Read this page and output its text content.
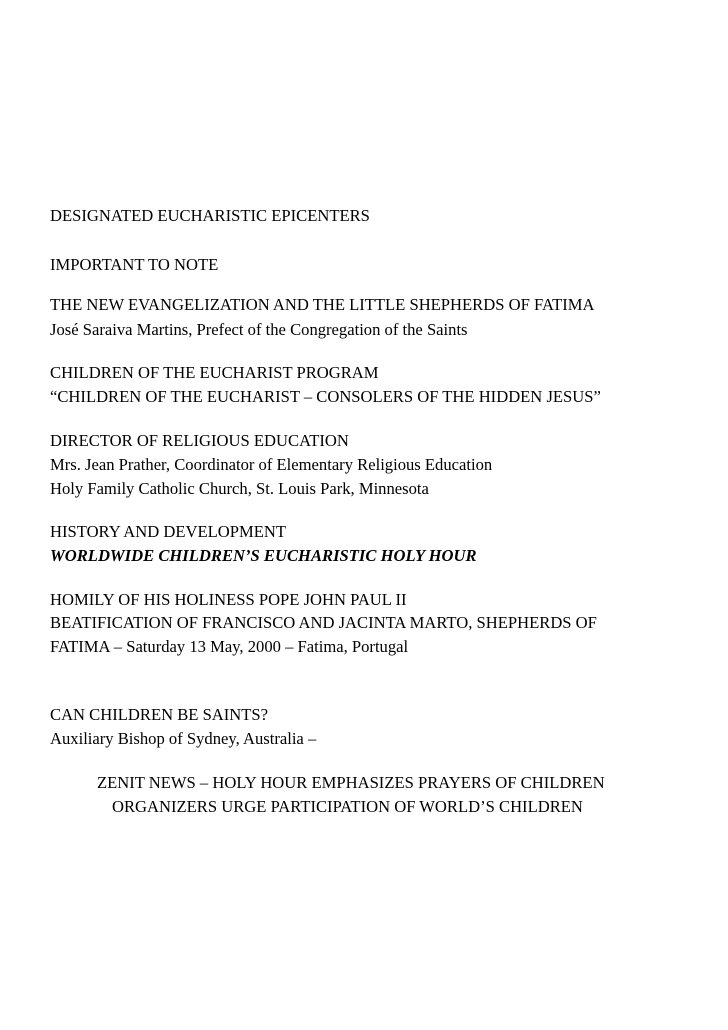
DESIGNATED EUCHARISTIC EPICENTERS
IMPORTANT TO NOTE
THE NEW EVANGELIZATION AND THE LITTLE SHEPHERDS OF FATIMA
José Saraiva Martins, Prefect of the Congregation of the Saints
CHILDREN OF THE EUCHARIST PROGRAM
“CHILDREN OF THE EUCHARIST – CONSOLERS OF THE HIDDEN JESUS”
DIRECTOR OF RELIGIOUS EDUCATION
Mrs. Jean Prather, Coordinator of Elementary Religious Education
Holy Family Catholic Church, St. Louis Park, Minnesota
HISTORY AND DEVELOPMENT
WORLDWIDE CHILDREN’S EUCHARISTIC HOLY HOUR
HOMILY OF HIS HOLINESS POPE JOHN PAUL II
BEATIFICATION OF FRANCISCO AND JACINTA MARTO, SHEPHERDS OF
FATIMA – Saturday 13 May, 2000 – Fatima, Portugal
CAN CHILDREN BE SAINTS?
Auxiliary Bishop of Sydney, Australia –
ZENIT NEWS – HOLY HOUR EMPHASIZES PRAYERS OF CHILDREN
ORGANIZERS URGE PARTICIPATION OF WORLD’S CHILDREN
